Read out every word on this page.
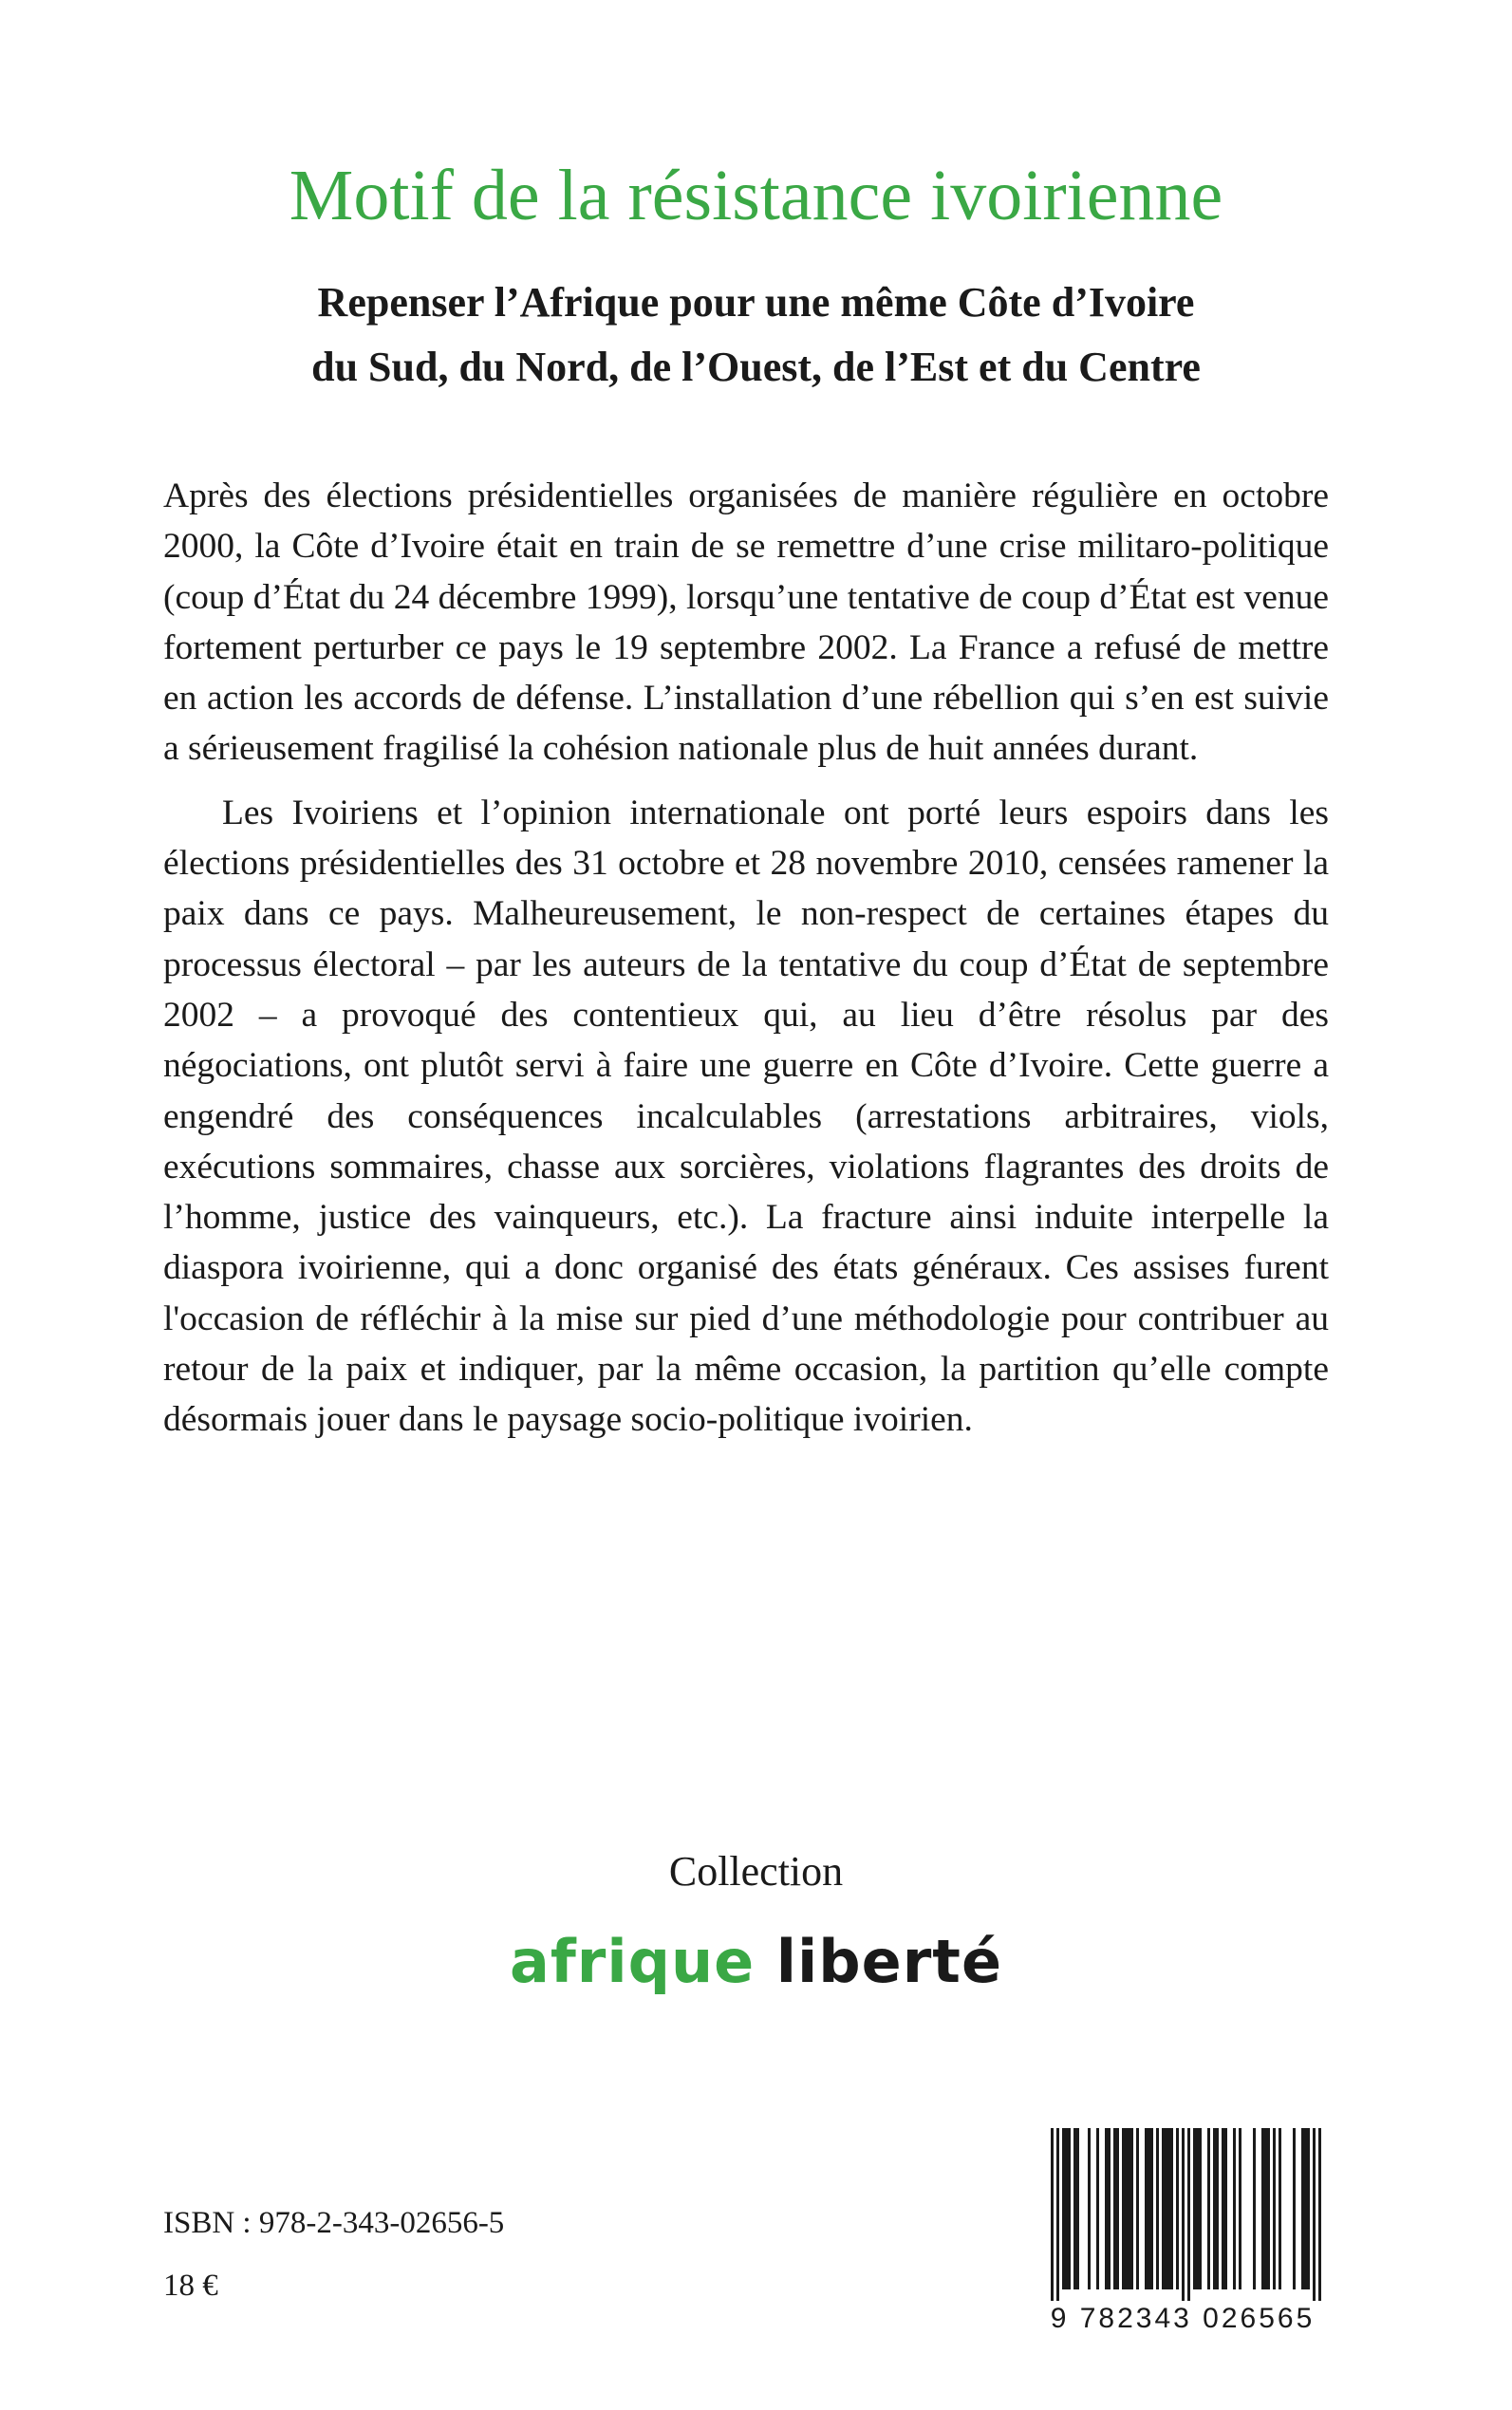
Motif de la résistance ivoirienne
Repenser l’Afrique pour une même Côte d’Ivoire
du Sud, du Nord, de l’Ouest, de l’Est et du Centre

Après des élections présidentielles organisées de manière régulière en octobre 2000, la Côte d’Ivoire était en train de se remettre d’une crise militaro-politique (coup d’État du 24 décembre 1999), lorsqu’une tentative de coup d’État est venue fortement perturber ce pays le 19 septembre 2002. La France a refusé de mettre en action les accords de défense. L’installation d’une rébellion qui s’en est suivie a sérieusement fragilisé la cohésion nationale plus de huit années durant.

Les Ivoiriens et l’opinion internationale ont porté leurs espoirs dans les élections présidentielles des 31 octobre et 28 novembre 2010, censées ramener la paix dans ce pays. Malheureusement, le non-respect de certaines étapes du processus électoral – par les auteurs de la tentative du coup d’État de septembre 2002 – a provoqué des contentieux qui, au lieu d’être résolus par des négociations, ont plutôt servi à faire une guerre en Côte d’Ivoire. Cette guerre a engendré des conséquences incalculables (arrestations arbitraires, viols, exécutions sommaires, chasse aux sorcières, violations flagrantes des droits de l’homme, justice des vainqueurs, etc.). La fracture ainsi induite interpelle la diaspora ivoirienne, qui a donc organisé des états généraux. Ces assises furent l'occasion de réfléchir à la mise sur pied d’une méthodologie pour contribuer au retour de la paix et indiquer, par la même occasion, la partition qu’elle compte désormais jouer dans le paysage socio-politique ivoirien.

Collection
afrique liberté
ISBN : 978-2-343-02656-5
18 €
9 782343 026565
